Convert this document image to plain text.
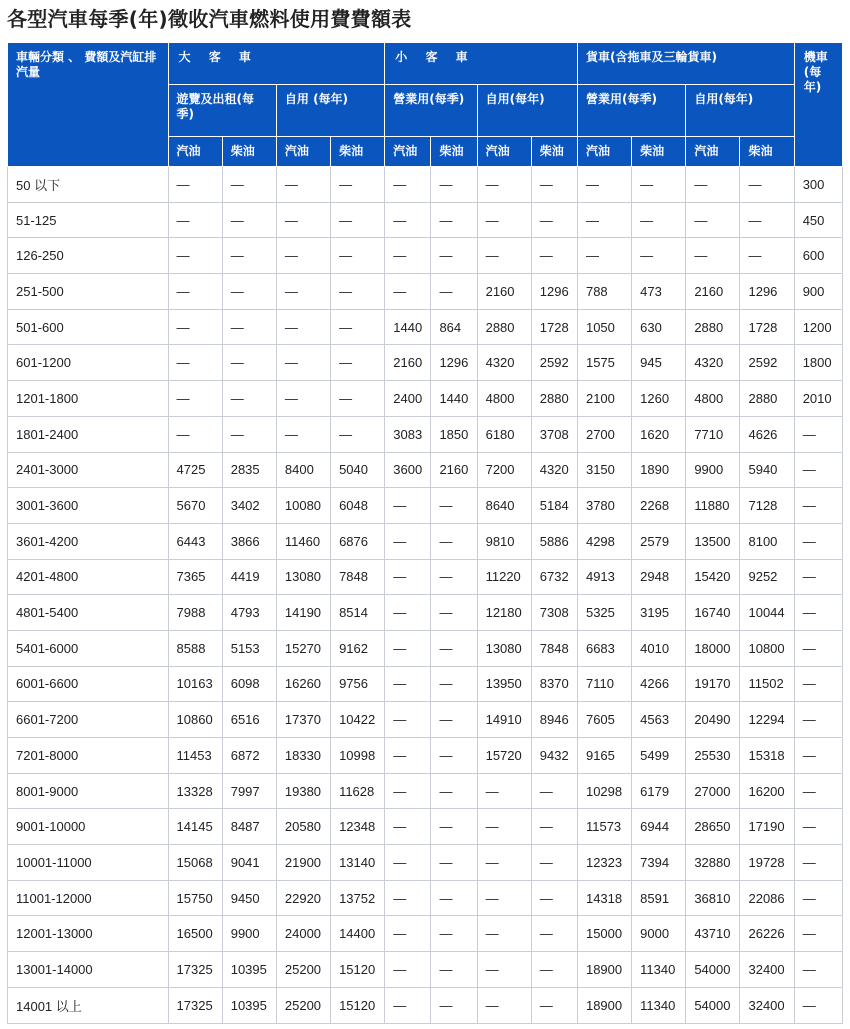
各型汽車每季(年)徵收汽車燃料使用費費額表
車輛分類 、 費額及汽缸排汽量	大 客 車				小 客 車				貨車(含拖車及三輪貨車)				機車(每年)
	遊覽及出租(每季)		自用 (每年)		營業用(每季)		自用(每年)		營業用(每季)		自用(每年)		
	汽油	柴油	汽油	柴油	汽油	柴油	汽油	柴油	汽油	柴油	汽油	柴油	
50 以下	—	—	—	—	—	—	—	—	—	—	—	—	300
51-125	—	—	—	—	—	—	—	—	—	—	—	—	450
126-250	—	—	—	—	—	—	—	—	—	—	—	—	600
251-500	—	—	—	—	—	—	2160	1296	788	473	2160	1296	900
501-600	—	—	—	—	1440	864	2880	1728	1050	630	2880	1728	1200
601-1200	—	—	—	—	2160	1296	4320	2592	1575	945	4320	2592	1800
1201-1800	—	—	—	—	2400	1440	4800	2880	2100	1260	4800	2880	2010
1801-2400	—	—	—	—	3083	1850	6180	3708	2700	1620	7710	4626	—
2401-3000	4725	2835	8400	5040	3600	2160	7200	4320	3150	1890	9900	5940	—
3001-3600	5670	3402	10080	6048	—	—	8640	5184	3780	2268	11880	7128	—
3601-4200	6443	3866	11460	6876	—	—	9810	5886	4298	2579	13500	8100	—
4201-4800	7365	4419	13080	7848	—	—	11220	6732	4913	2948	15420	9252	—
4801-5400	7988	4793	14190	8514	—	—	12180	7308	5325	3195	16740	10044	—
5401-6000	8588	5153	15270	9162	—	—	13080	7848	6683	4010	18000	10800	—
6001-6600	10163	6098	16260	9756	—	—	13950	8370	7110	4266	19170	11502	—
6601-7200	10860	6516	17370	10422	—	—	14910	8946	7605	4563	20490	12294	—
7201-8000	11453	6872	18330	10998	—	—	15720	9432	9165	5499	25530	15318	—
8001-9000	13328	7997	19380	11628	—	—	—	—	10298	6179	27000	16200	—
9001-10000	14145	8487	20580	12348	—	—	—	—	11573	6944	28650	17190	—
10001-11000	15068	9041	21900	13140	—	—	—	—	12323	7394	32880	19728	—
11001-12000	15750	9450	22920	13752	—	—	—	—	14318	8591	36810	22086	—
12001-13000	16500	9900	24000	14400	—	—	—	—	15000	9000	43710	26226	—
13001-14000	17325	10395	25200	15120	—	—	—	—	18900	11340	54000	32400	—
14001 以上	17325	10395	25200	15120	—	—	—	—	18900	11340	54000	32400	—
